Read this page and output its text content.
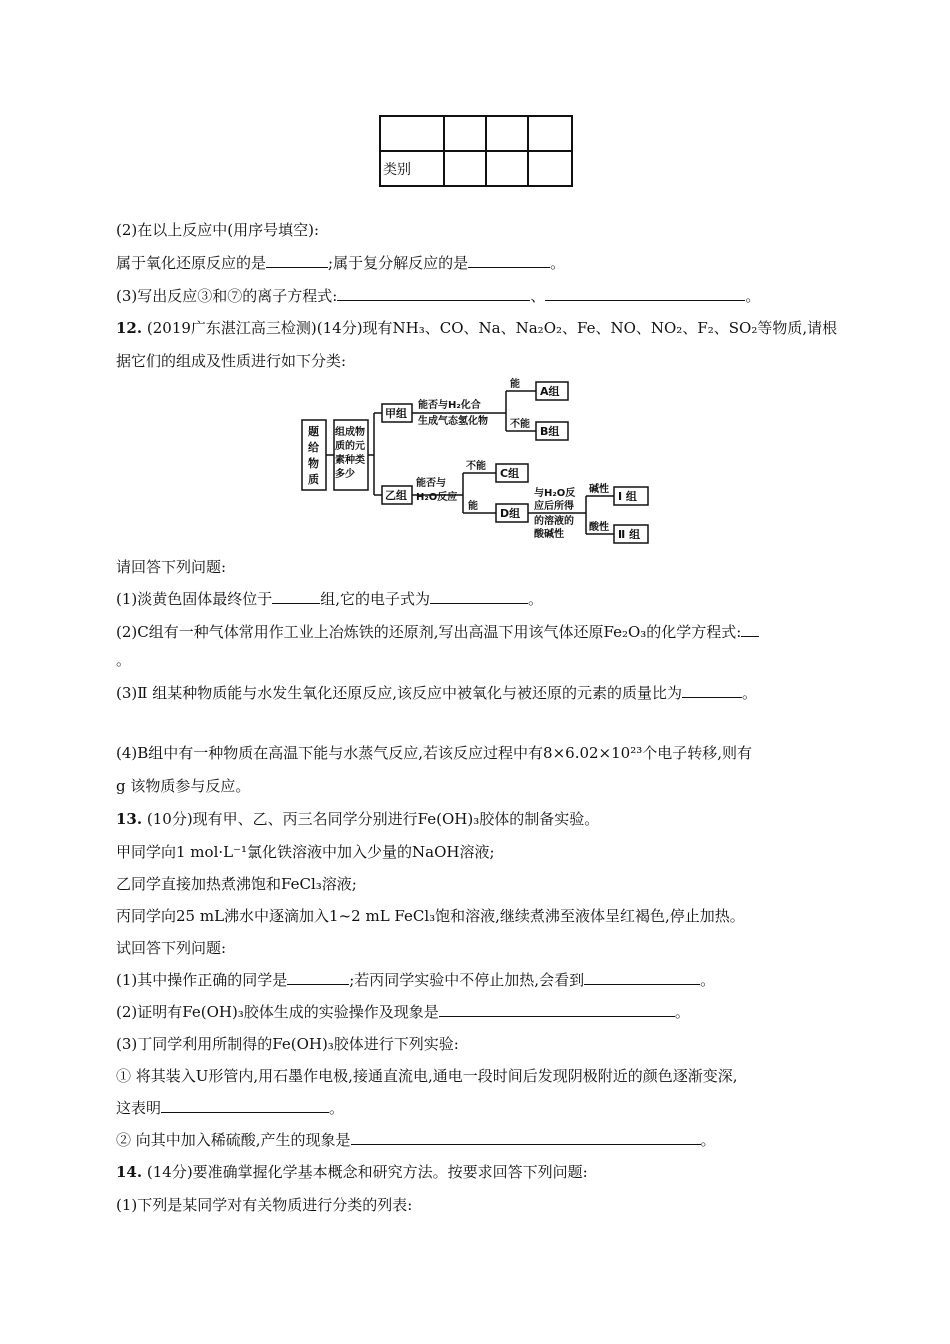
类别			
(2)在以上反应中(用序号填空):
属于氧化还原反应的是	;属于复分解反应的是	。
(3)写出反应③和⑦的离子方程式:	、	。
12. (2019广东湛江高三检测)(14分)现有NH₃、CO、Na、Na₂O₂、Fe、NO、NO₂、F₂、SO₂等物质,请根
据它们的组成及性质进行如下分类:
题
给
物
质
组成物
质的元
素种类
多少
甲组
乙组
能否与H₂化合
生成气态氢化物
能
不能
A组
B组
能否与
H₂O反应
不能
能
C组
D组
与H₂O反
应后所得
的溶液的
酸碱性
碱性
酸性
Ⅰ 组
Ⅱ 组
请回答下列问题:
(1)淡黄色固体最终位于	组,它的电子式为	。
(2)C组有一种气体常用作工业上冶炼铁的还原剂,写出高温下用该气体还原Fe₂O₃的化学方程式:
。
(3)Ⅱ 组某种物质能与水发生氧化还原反应,该反应中被氧化与被还原的元素的质量比为	。
(4)B组中有一种物质在高温下能与水蒸气反应,若该反应过程中有8×6.02×10²³个电子转移,则有
g 该物质参与反应。
13. (10分)现有甲、乙、丙三名同学分别进行Fe(OH)₃胶体的制备实验。
甲同学向1 mol·L⁻¹氯化铁溶液中加入少量的NaOH溶液;
乙同学直接加热煮沸饱和FeCl₃溶液;
丙同学向25 mL沸水中逐滴加入1~2 mL FeCl₃饱和溶液,继续煮沸至液体呈红褐色,停止加热。
试回答下列问题:
(1)其中操作正确的同学是	;若丙同学实验中不停止加热,会看到	。
(2)证明有Fe(OH)₃胶体生成的实验操作及现象是	。
(3)丁同学利用所制得的Fe(OH)₃胶体进行下列实验:
① 将其装入U形管内,用石墨作电极,接通直流电,通电一段时间后发现阴极附近的颜色逐渐变深,
这表明	。
② 向其中加入稀硫酸,产生的现象是	。
14. (14分)要准确掌握化学基本概念和研究方法。按要求回答下列问题:
(1)下列是某同学对有关物质进行分类的列表:
